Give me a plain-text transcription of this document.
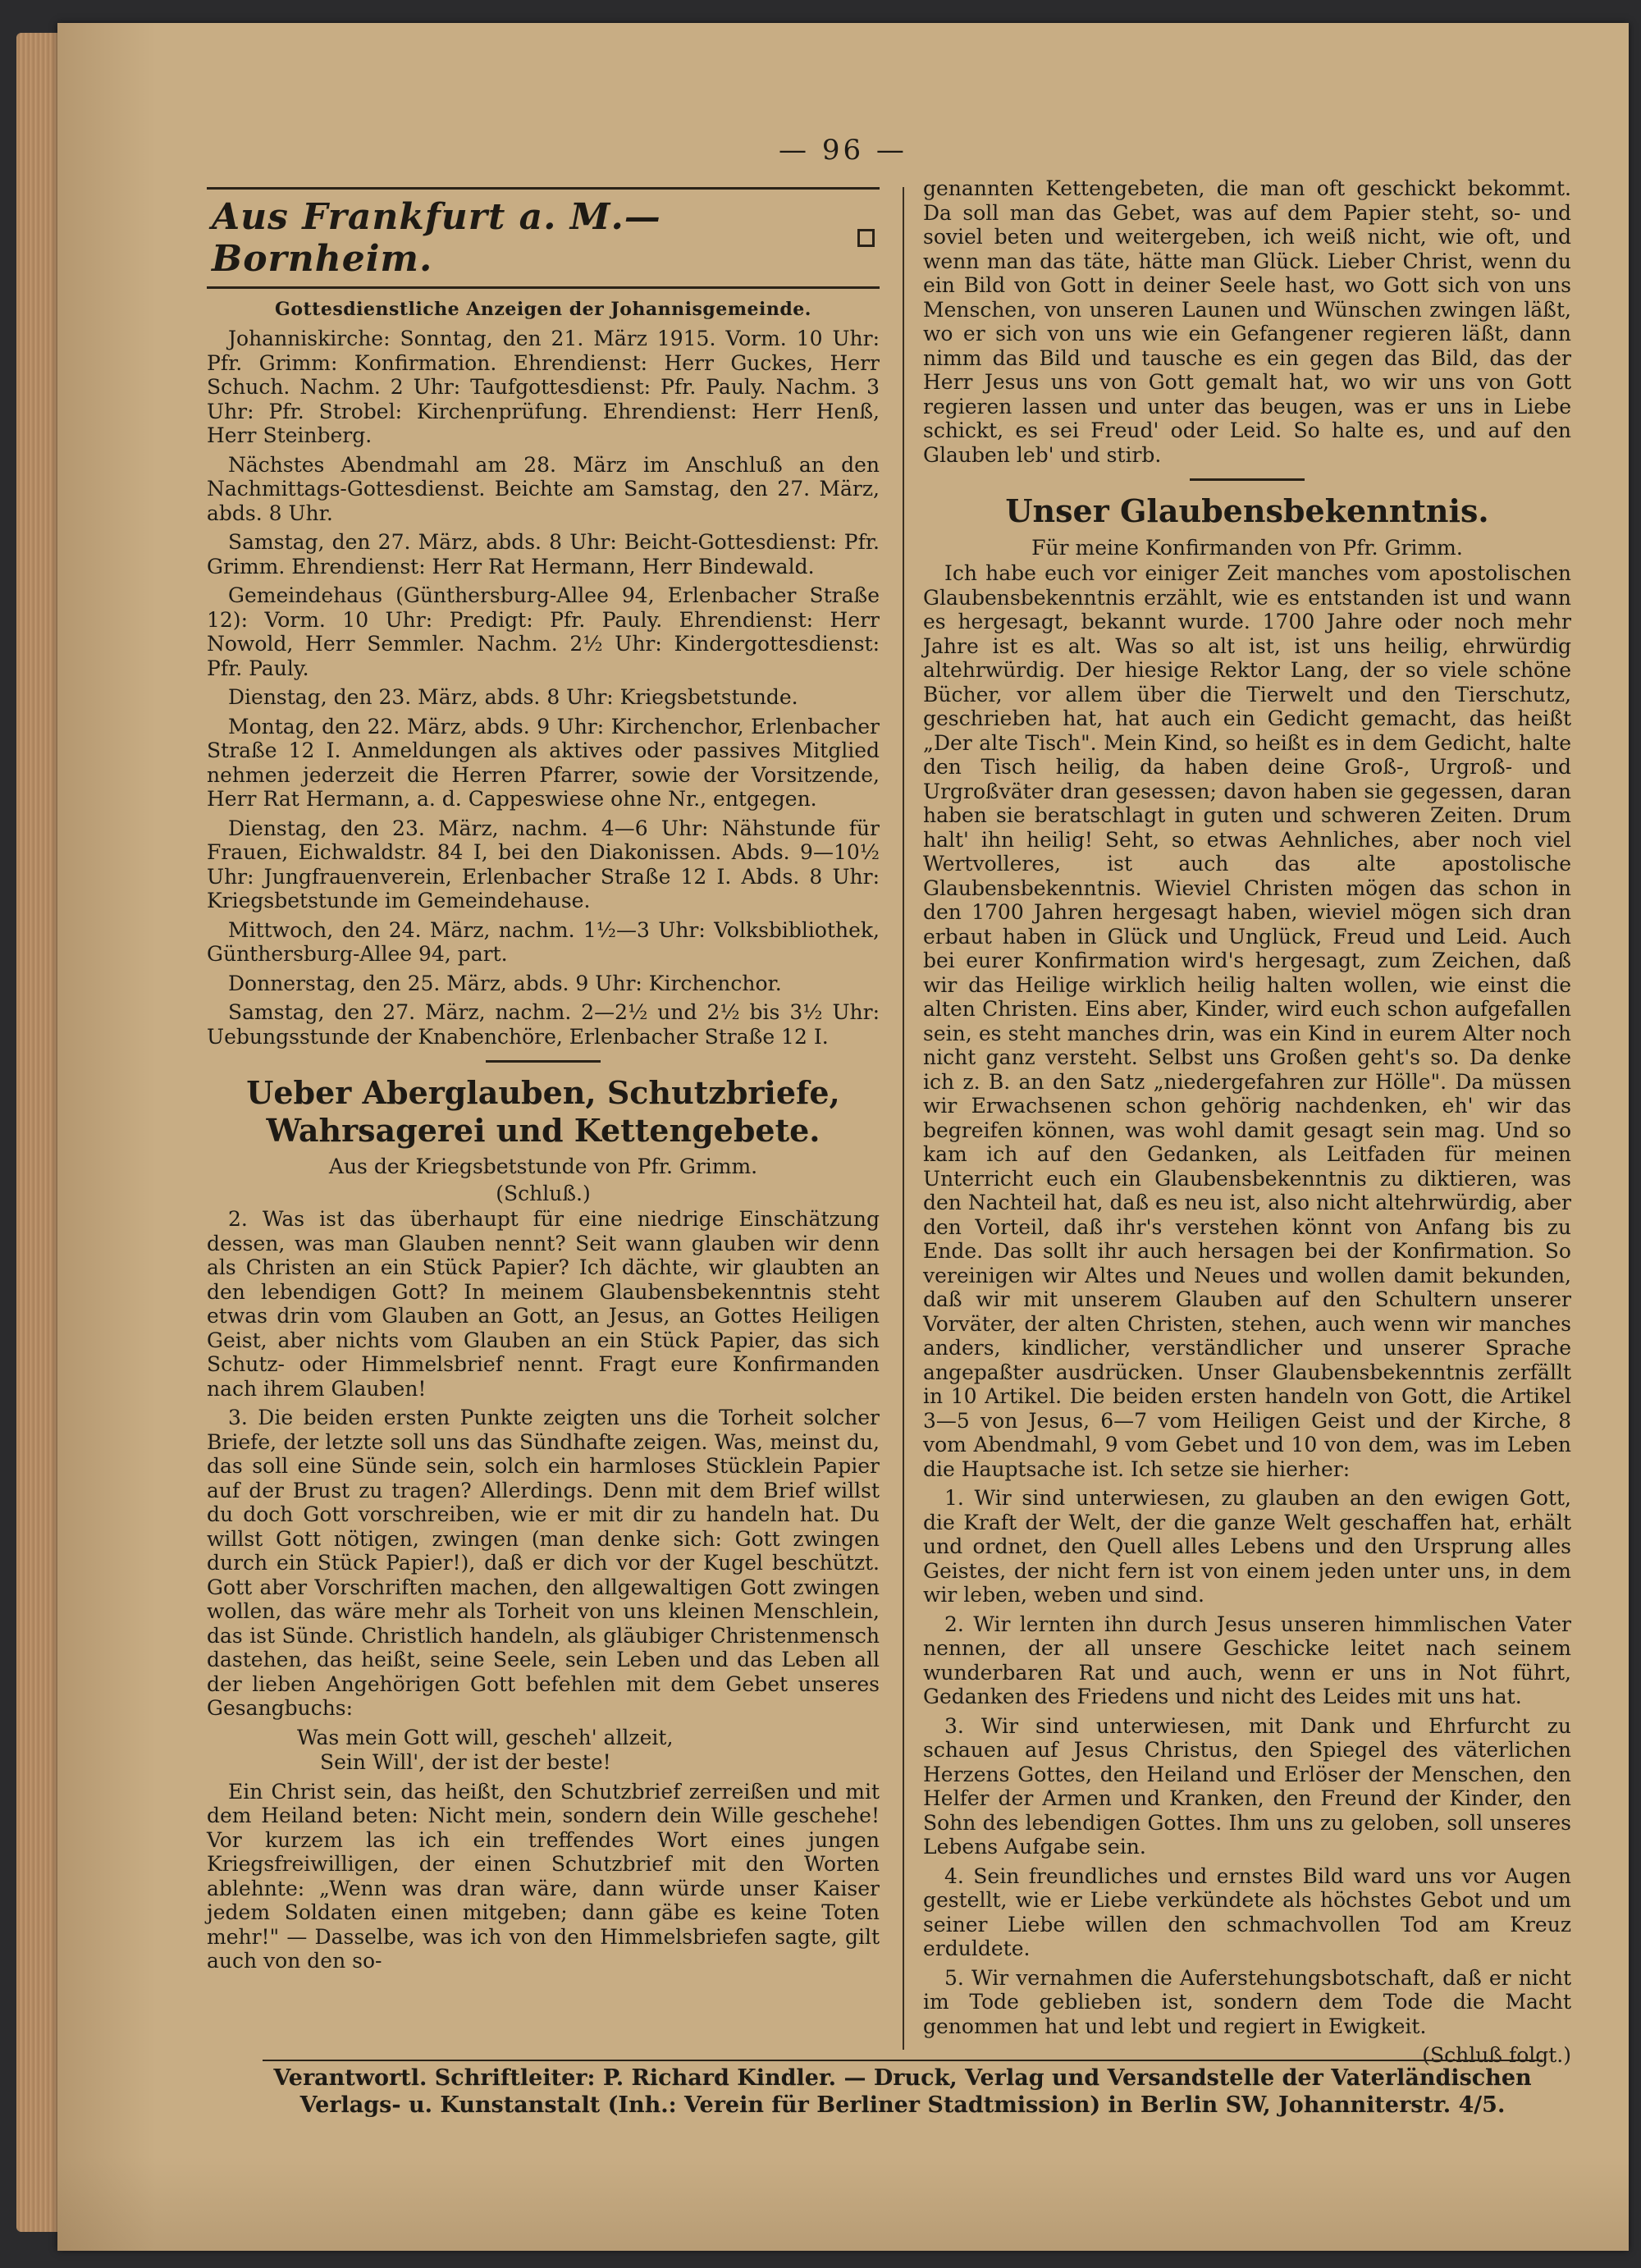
— 96 —
Aus Frankfurt a. M.—Bornheim.
Gottesdienstliche Anzeigen der Johannisgemeinde.

Johanniskirche: Sonntag, den 21. März 1915. Vorm. 10 Uhr: Pfr. Grimm: Konfirmation. Ehrendienst: Herr Guckes, Herr Schuch. Nachm. 2 Uhr: Taufgottesdienst: Pfr. Pauly. Nachm. 3 Uhr: Pfr. Strobel: Kirchenprüfung. Ehrendienst: Herr Henß, Herr Steinberg.

Nächstes Abendmahl am 28. März im Anschluß an den Nachmittags-Gottesdienst. Beichte am Samstag, den 27. März, abds. 8 Uhr.

Samstag, den 27. März, abds. 8 Uhr: Beicht-Gottesdienst: Pfr. Grimm. Ehrendienst: Herr Rat Hermann, Herr Bindewald.

Gemeindehaus (Günthersburg-Allee 94, Erlenbacher Straße 12): Vorm. 10 Uhr: Predigt: Pfr. Pauly. Ehrendienst: Herr Nowold, Herr Semmler. Nachm. 2½ Uhr: Kindergottesdienst: Pfr. Pauly.

Dienstag, den 23. März, abds. 8 Uhr: Kriegsbetstunde.

Montag, den 22. März, abds. 9 Uhr: Kirchenchor, Erlenbacher Straße 12 I. Anmeldungen als aktives oder passives Mitglied nehmen jederzeit die Herren Pfarrer, sowie der Vorsitzende, Herr Rat Hermann, a. d. Cappeswiese ohne Nr., entgegen.

Dienstag, den 23. März, nachm. 4—6 Uhr: Nähstunde für Frauen, Eichwaldstr. 84 I, bei den Diakonissen. Abds. 9—10½ Uhr: Jungfrauenverein, Erlenbacher Straße 12 I. Abds. 8 Uhr: Kriegsbetstunde im Gemeindehause.

Mittwoch, den 24. März, nachm. 1½—3 Uhr: Volksbibliothek, Günthersburg-Allee 94, part.

Donnerstag, den 25. März, abds. 9 Uhr: Kirchenchor.

Samstag, den 27. März, nachm. 2—2½ und 2½ bis 3½ Uhr: Uebungsstunde der Knabenchöre, Erlenbacher Straße 12 I.

Ueber Aberglauben, Schutzbriefe, Wahrsagerei und Kettengebete.
Aus der Kriegsbetstunde von Pfr. Grimm.
(Schluß.)

2. Was ist das überhaupt für eine niedrige Einschätzung dessen, was man Glauben nennt? Seit wann glauben wir denn als Christen an ein Stück Papier? Ich dächte, wir glaubten an den lebendigen Gott? In meinem Glaubensbekenntnis steht etwas drin vom Glauben an Gott, an Jesus, an Gottes Heiligen Geist, aber nichts vom Glauben an ein Stück Papier, das sich Schutz- oder Himmelsbrief nennt. Fragt eure Konfirmanden nach ihrem Glauben!

3. Die beiden ersten Punkte zeigten uns die Torheit solcher Briefe, der letzte soll uns das Sündhafte zeigen. Was, meinst du, das soll eine Sünde sein, solch ein harmloses Stücklein Papier auf der Brust zu tragen? Allerdings. Denn mit dem Brief willst du doch Gott vorschreiben, wie er mit dir zu handeln hat. Du willst Gott nötigen, zwingen (man denke sich: Gott zwingen durch ein Stück Papier!), daß er dich vor der Kugel beschützt. Gott aber Vorschriften machen, den allgewaltigen Gott zwingen wollen, das wäre mehr als Torheit von uns kleinen Menschlein, das ist Sünde. Christlich handeln, als gläubiger Christenmensch dastehen, das heißt, seine Seele, sein Leben und das Leben all der lieben Angehörigen Gott befehlen mit dem Gebet unseres Gesangbuchs:

Was mein Gott will, gescheh' allzeit,
Sein Will', der ist der beste!

Ein Christ sein, das heißt, den Schutzbrief zerreißen und mit dem Heiland beten: Nicht mein, sondern dein Wille geschehe! Vor kurzem las ich ein treffendes Wort eines jungen Kriegsfreiwilligen, der einen Schutzbrief mit den Worten ablehnte: „Wenn was dran wäre, dann würde unser Kaiser jedem Soldaten einen mitgeben; dann gäbe es keine Toten mehr!" — Dasselbe, was ich von den Himmelsbriefen sagte, gilt auch von den so-

genannten Kettengebeten, die man oft geschickt bekommt. Da soll man das Gebet, was auf dem Papier steht, so- und soviel beten und weitergeben, ich weiß nicht, wie oft, und wenn man das täte, hätte man Glück. Lieber Christ, wenn du ein Bild von Gott in deiner Seele hast, wo Gott sich von uns Menschen, von unseren Launen und Wünschen zwingen läßt, wo er sich von uns wie ein Gefangener regieren läßt, dann nimm das Bild und tausche es ein gegen das Bild, das der Herr Jesus uns von Gott gemalt hat, wo wir uns von Gott regieren lassen und unter das beugen, was er uns in Liebe schickt, es sei Freud' oder Leid. So halte es, und auf den Glauben leb' und stirb.

Unser Glaubensbekenntnis.
Für meine Konfirmanden von Pfr. Grimm.

Ich habe euch vor einiger Zeit manches vom apostolischen Glaubensbekenntnis erzählt, wie es entstanden ist und wann es hergesagt, bekannt wurde. 1700 Jahre oder noch mehr Jahre ist es alt. Was so alt ist, ist uns heilig, ehrwürdig altehrwürdig. Der hiesige Rektor Lang, der so viele schöne Bücher, vor allem über die Tierwelt und den Tierschutz, geschrieben hat, hat auch ein Gedicht gemacht, das heißt „Der alte Tisch". Mein Kind, so heißt es in dem Gedicht, halte den Tisch heilig, da haben deine Groß-, Urgroß- und Urgroßväter dran gesessen; davon haben sie gegessen, daran haben sie beratschlagt in guten und schweren Zeiten. Drum halt' ihn heilig! Seht, so etwas Aehnliches, aber noch viel Wertvolleres, ist auch das alte apostolische Glaubensbekenntnis. Wieviel Christen mögen das schon in den 1700 Jahren hergesagt haben, wieviel mögen sich dran erbaut haben in Glück und Unglück, Freud und Leid. Auch bei eurer Konfirmation wird's hergesagt, zum Zeichen, daß wir das Heilige wirklich heilig halten wollen, wie einst die alten Christen. Eins aber, Kinder, wird euch schon aufgefallen sein, es steht manches drin, was ein Kind in eurem Alter noch nicht ganz versteht. Selbst uns Großen geht's so. Da denke ich z. B. an den Satz „niedergefahren zur Hölle". Da müssen wir Erwachsenen schon gehörig nachdenken, eh' wir das begreifen können, was wohl damit gesagt sein mag. Und so kam ich auf den Gedanken, als Leitfaden für meinen Unterricht euch ein Glaubensbekenntnis zu diktieren, was den Nachteil hat, daß es neu ist, also nicht altehrwürdig, aber den Vorteil, daß ihr's verstehen könnt von Anfang bis zu Ende. Das sollt ihr auch hersagen bei der Konfirmation. So vereinigen wir Altes und Neues und wollen damit bekunden, daß wir mit unserem Glauben auf den Schultern unserer Vorväter, der alten Christen, stehen, auch wenn wir manches anders, kindlicher, verständlicher und unserer Sprache angepaßter ausdrücken. Unser Glaubensbekenntnis zerfällt in 10 Artikel. Die beiden ersten handeln von Gott, die Artikel 3—5 von Jesus, 6—7 vom Heiligen Geist und der Kirche, 8 vom Abendmahl, 9 vom Gebet und 10 von dem, was im Leben die Hauptsache ist. Ich setze sie hierher:

1. Wir sind unterwiesen, zu glauben an den ewigen Gott, die Kraft der Welt, der die ganze Welt geschaffen hat, erhält und ordnet, den Quell alles Lebens und den Ursprung alles Geistes, der nicht fern ist von einem jeden unter uns, in dem wir leben, weben und sind.

2. Wir lernten ihn durch Jesus unseren himmlischen Vater nennen, der all unsere Geschicke leitet nach seinem wunderbaren Rat und auch, wenn er uns in Not führt, Gedanken des Friedens und nicht des Leides mit uns hat.

3. Wir sind unterwiesen, mit Dank und Ehrfurcht zu schauen auf Jesus Christus, den Spiegel des väterlichen Herzens Gottes, den Heiland und Erlöser der Menschen, den Helfer der Armen und Kranken, den Freund der Kinder, den Sohn des lebendigen Gottes. Ihm uns zu geloben, soll unseres Lebens Aufgabe sein.

4. Sein freundliches und ernstes Bild ward uns vor Augen gestellt, wie er Liebe verkündete als höchstes Gebot und um seiner Liebe willen den schmachvollen Tod am Kreuz erduldete.

5. Wir vernahmen die Auferstehungsbotschaft, daß er nicht im Tode geblieben ist, sondern dem Tode die Macht genommen hat und lebt und regiert in Ewigkeit.

(Schluß folgt.)
Verantwortl. Schriftleiter: P. Richard Kindler. — Druck, Verlag und Versandstelle der Vaterländischen
Verlags- u. Kunstanstalt (Inh.: Verein für Berliner Stadtmission) in Berlin SW, Johanniterstr. 4/5.
